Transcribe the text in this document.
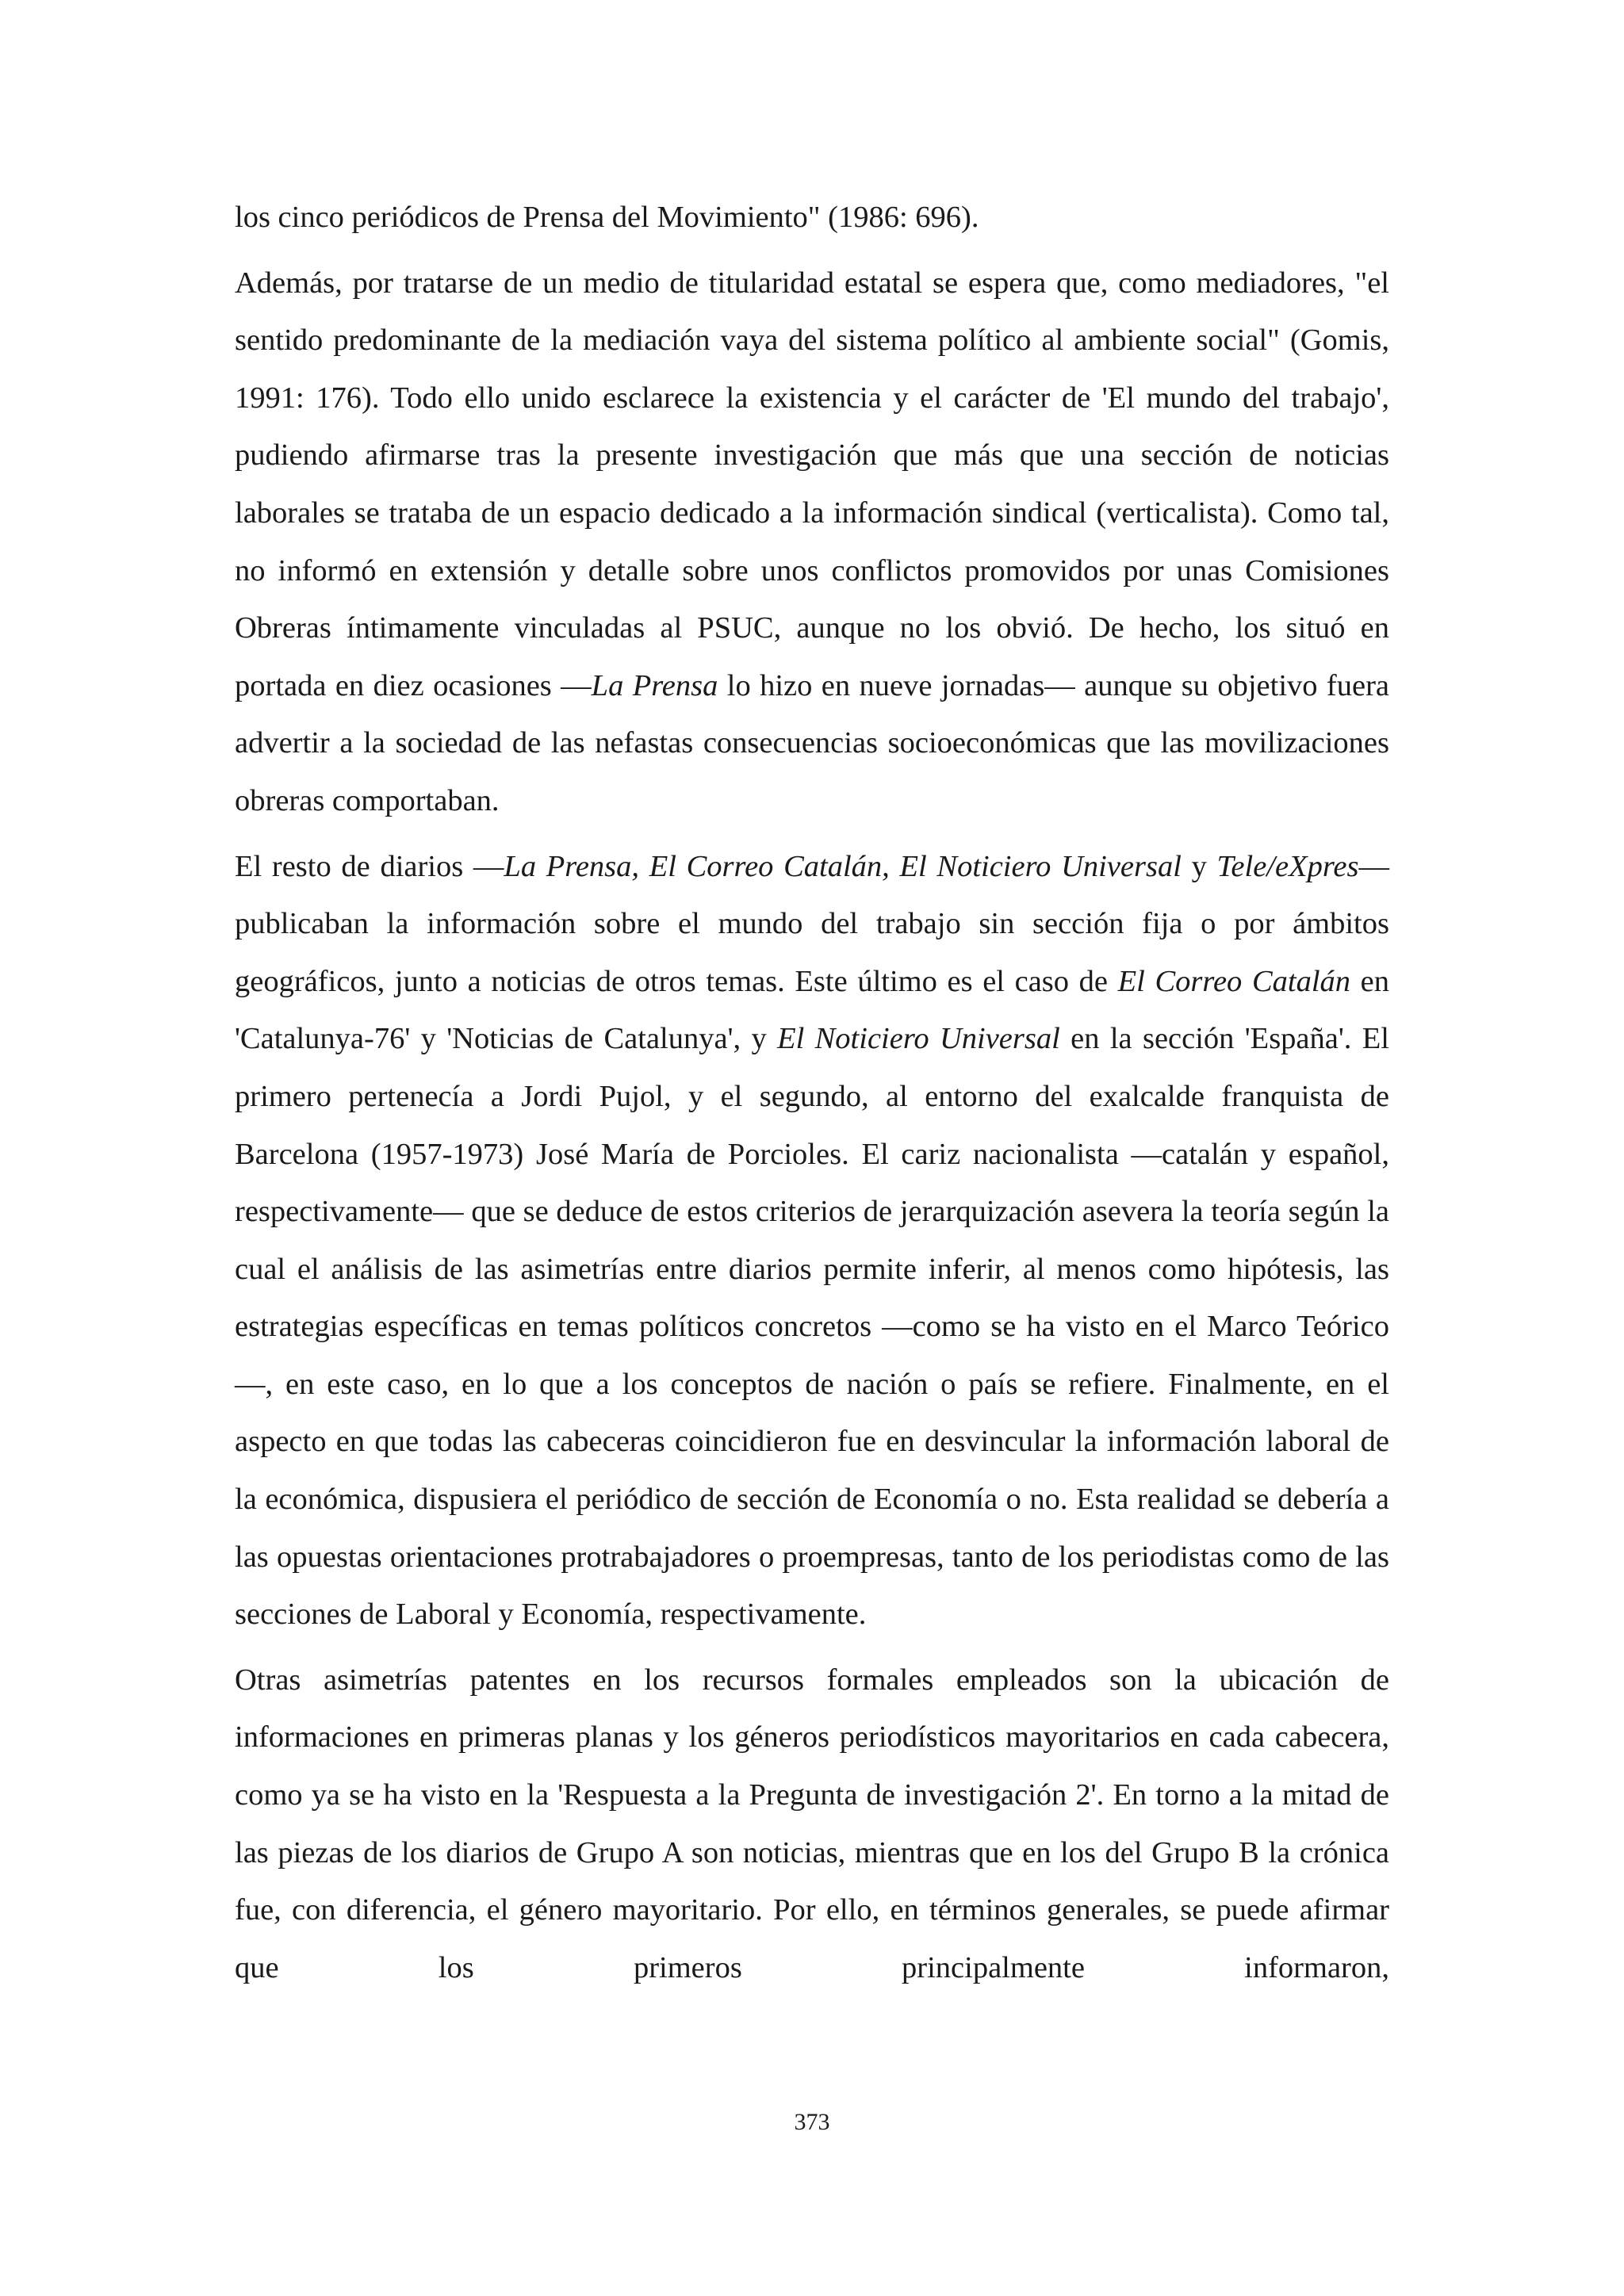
los cinco periódicos de Prensa del Movimiento" (1986: 696).

Además, por tratarse de un medio de titularidad estatal se espera que, como mediadores, "el sentido predominante de la mediación vaya del sistema político al ambiente social" (Gomis, 1991: 176). Todo ello unido esclarece la existencia y el carácter de 'El mundo del trabajo', pudiendo afirmarse tras la presente investigación que más que una sección de noticias laborales se trataba de un espacio dedicado a la información sindical (verticalista). Como tal, no informó en extensión y detalle sobre unos conflictos promovidos por unas Comisiones Obreras íntimamente vinculadas al PSUC, aunque no los obvió. De hecho, los situó en portada en diez ocasiones —La Prensa lo hizo en nueve jornadas— aunque su objetivo fuera advertir a la sociedad de las nefastas consecuencias socioeconómicas que las movilizaciones obreras comportaban.

El resto de diarios —La Prensa, El Correo Catalán, El Noticiero Universal y Tele/eXpres— publicaban la información sobre el mundo del trabajo sin sección fija o por ámbitos geográficos, junto a noticias de otros temas. Este último es el caso de El Correo Catalán en 'Catalunya-76' y 'Noticias de Catalunya', y El Noticiero Universal en la sección 'España'. El primero pertenecía a Jordi Pujol, y el segundo, al entorno del exalcalde franquista de Barcelona (1957-1973) José María de Porcioles. El cariz nacionalista —catalán y español, respectivamente— que se deduce de estos criterios de jerarquización asevera la teoría según la cual el análisis de las asimetrías entre diarios permite inferir, al menos como hipótesis, las estrategias específicas en temas políticos concretos —como se ha visto en el Marco Teórico—, en este caso, en lo que a los conceptos de nación o país se refiere. Finalmente, en el aspecto en que todas las cabeceras coincidieron fue en desvincular la información laboral de la económica, dispusiera el periódico de sección de Economía o no. Esta realidad se debería a las opuestas orientaciones protrabajadores o proempresas, tanto de los periodistas como de las secciones de Laboral y Economía, respectivamente.

Otras asimetrías patentes en los recursos formales empleados son la ubicación de informaciones en primeras planas y los géneros periodísticos mayoritarios en cada cabecera, como ya se ha visto en la 'Respuesta a la Pregunta de investigación 2'. En torno a la mitad de las piezas de los diarios de Grupo A son noticias, mientras que en los del Grupo B la crónica fue, con diferencia, el género mayoritario. Por ello, en términos generales, se puede afirmar que los primeros principalmente informaron,

373
